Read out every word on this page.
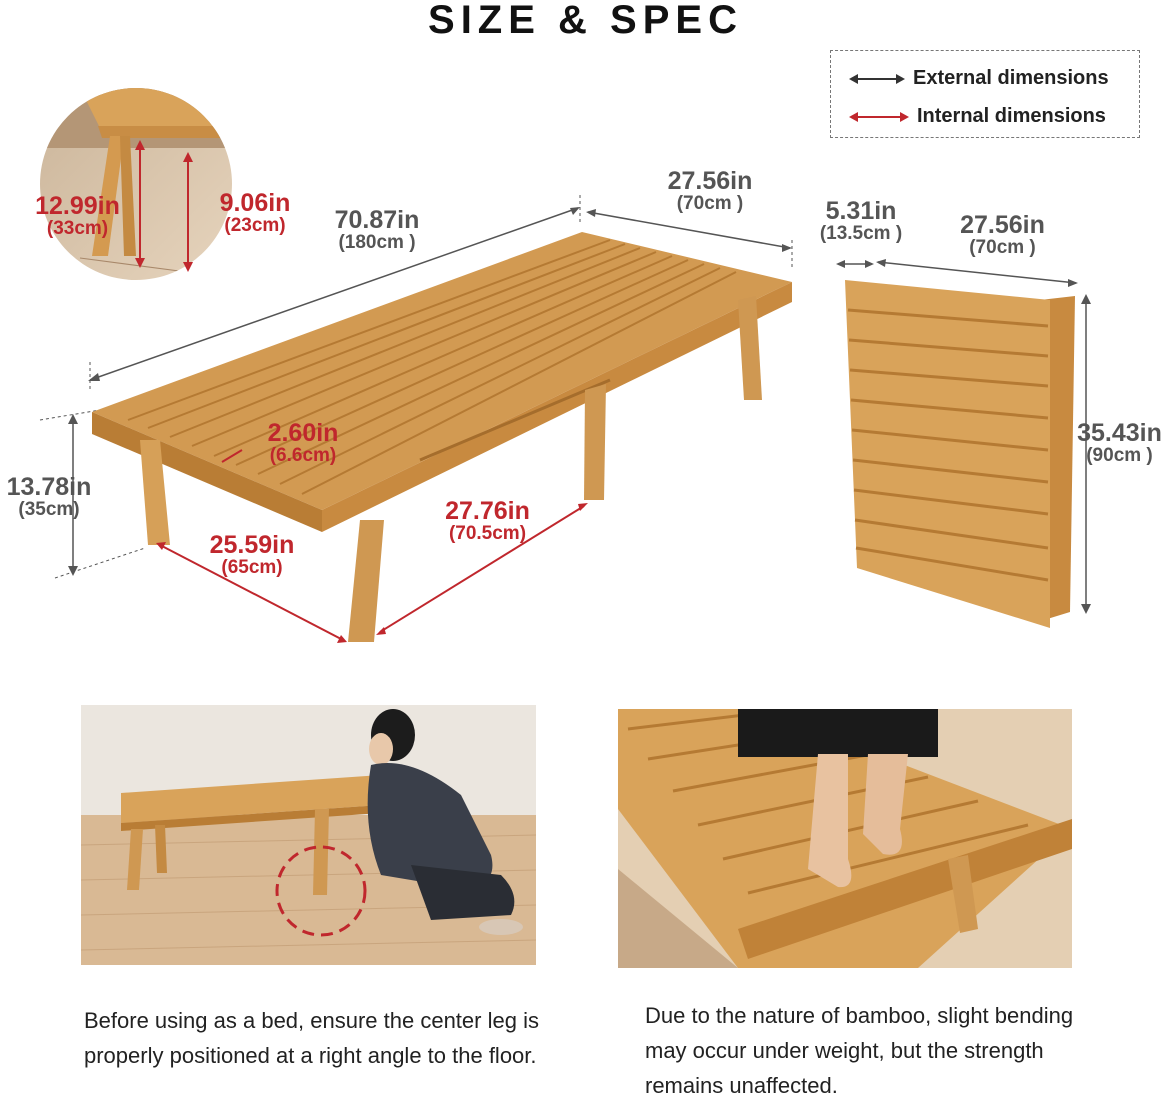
SIZE & SPEC
External dimensions
Internal dimensions
12.99in
(33cm)
9.06in
(23cm)	70.87in
(180cm )
27.56in
(70cm )	5.31in
(13.5cm )	27.56in
(70cm )
35.43in
(90cm )
2.60in
(6.6cm)
13.78in
(35cm)
25.59in
(65cm)
27.76in
(70.5cm)
Before using as a bed, ensure the center leg is properly positioned at a right angle to the floor.
Due to the nature of bamboo, slight bending may occur under weight, but the strength remains unaffected.
